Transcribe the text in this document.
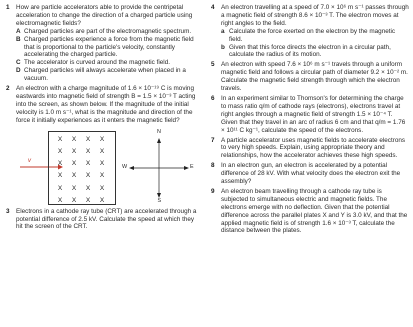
1 How are particle accelerators able to provide the centripetal acceleration to change the direction of a charged particle using electromagnetic fields?
A Charged particles are part of the electromagnetic spectrum.
B Charged particles experience a force from the magnetic field that is proportional to the particle's velocity, constantly accelerating the charged particle.
C The accelerator is curved around the magnetic field.
D Charged particles will always accelerate when placed in a vacuum.
2 An electron with a charge magnitude of 1.6 × 10⁻¹⁹ C is moving eastwards into magnetic field of strength B = 1.5 × 10⁻³ T acting into the screen, as shown below. If the magnitude of the initial velocity is 1.0 m s⁻¹, what is the magnitude and direction of the force it initially experiences as it enters the magnetic field?
v
X	X	X	X
X	X	X	X
X	X	X	X
X	X	X	X
X	X	X	X
X	X	X	X
N
S
W	E
3 Electrons in a cathode ray tube (CRT) are accelerated through a potential difference of 2.5 kV. Calculate the speed at which they hit the screen of the CRT.
4 An electron travelling at a speed of 7.0 × 10⁶ m s⁻¹ passes through a magnetic field of strength 8.6 × 10⁻³ T. The electron moves at right angles to the field.
a Calculate the force exerted on the electron by the magnetic field.
b Given that this force directs the electron in a circular path, calculate the radius of its motion.
5 An electron with speed 7.6 × 10⁶ m s⁻¹ travels through a uniform magnetic field and follows a circular path of diameter 9.2 × 10⁻² m. Calculate the magnetic field strength through which the electron travels.
6 In an experiment similar to Thomson's for determining the charge to mass ratio q/m of cathode rays (electrons), electrons travel at right angles through a magnetic field of strength 1.5 × 10⁻⁴ T. Given that they travel in an arc of radius 6 cm and that q/m = 1.76 × 10¹¹ C kg⁻¹, calculate the speed of the electrons.
7 A particle accelerator uses magnetic fields to accelerate electrons to very high speeds. Explain, using appropriate theory and relationships, how the accelerator achieves these high speeds.
8 In an electron gun, an electron is accelerated by a potential difference of 28 kV. With what velocity does the electron exit the assembly?
9 An electron beam travelling through a cathode ray tube is subjected to simultaneous electric and magnetic fields. The electrons emerge with no deflection. Given that the potential difference across the parallel plates X and Y is 3.0 kV, and that the applied magnetic field is of strength 1.6 × 10⁻³ T, calculate the distance between the plates.
